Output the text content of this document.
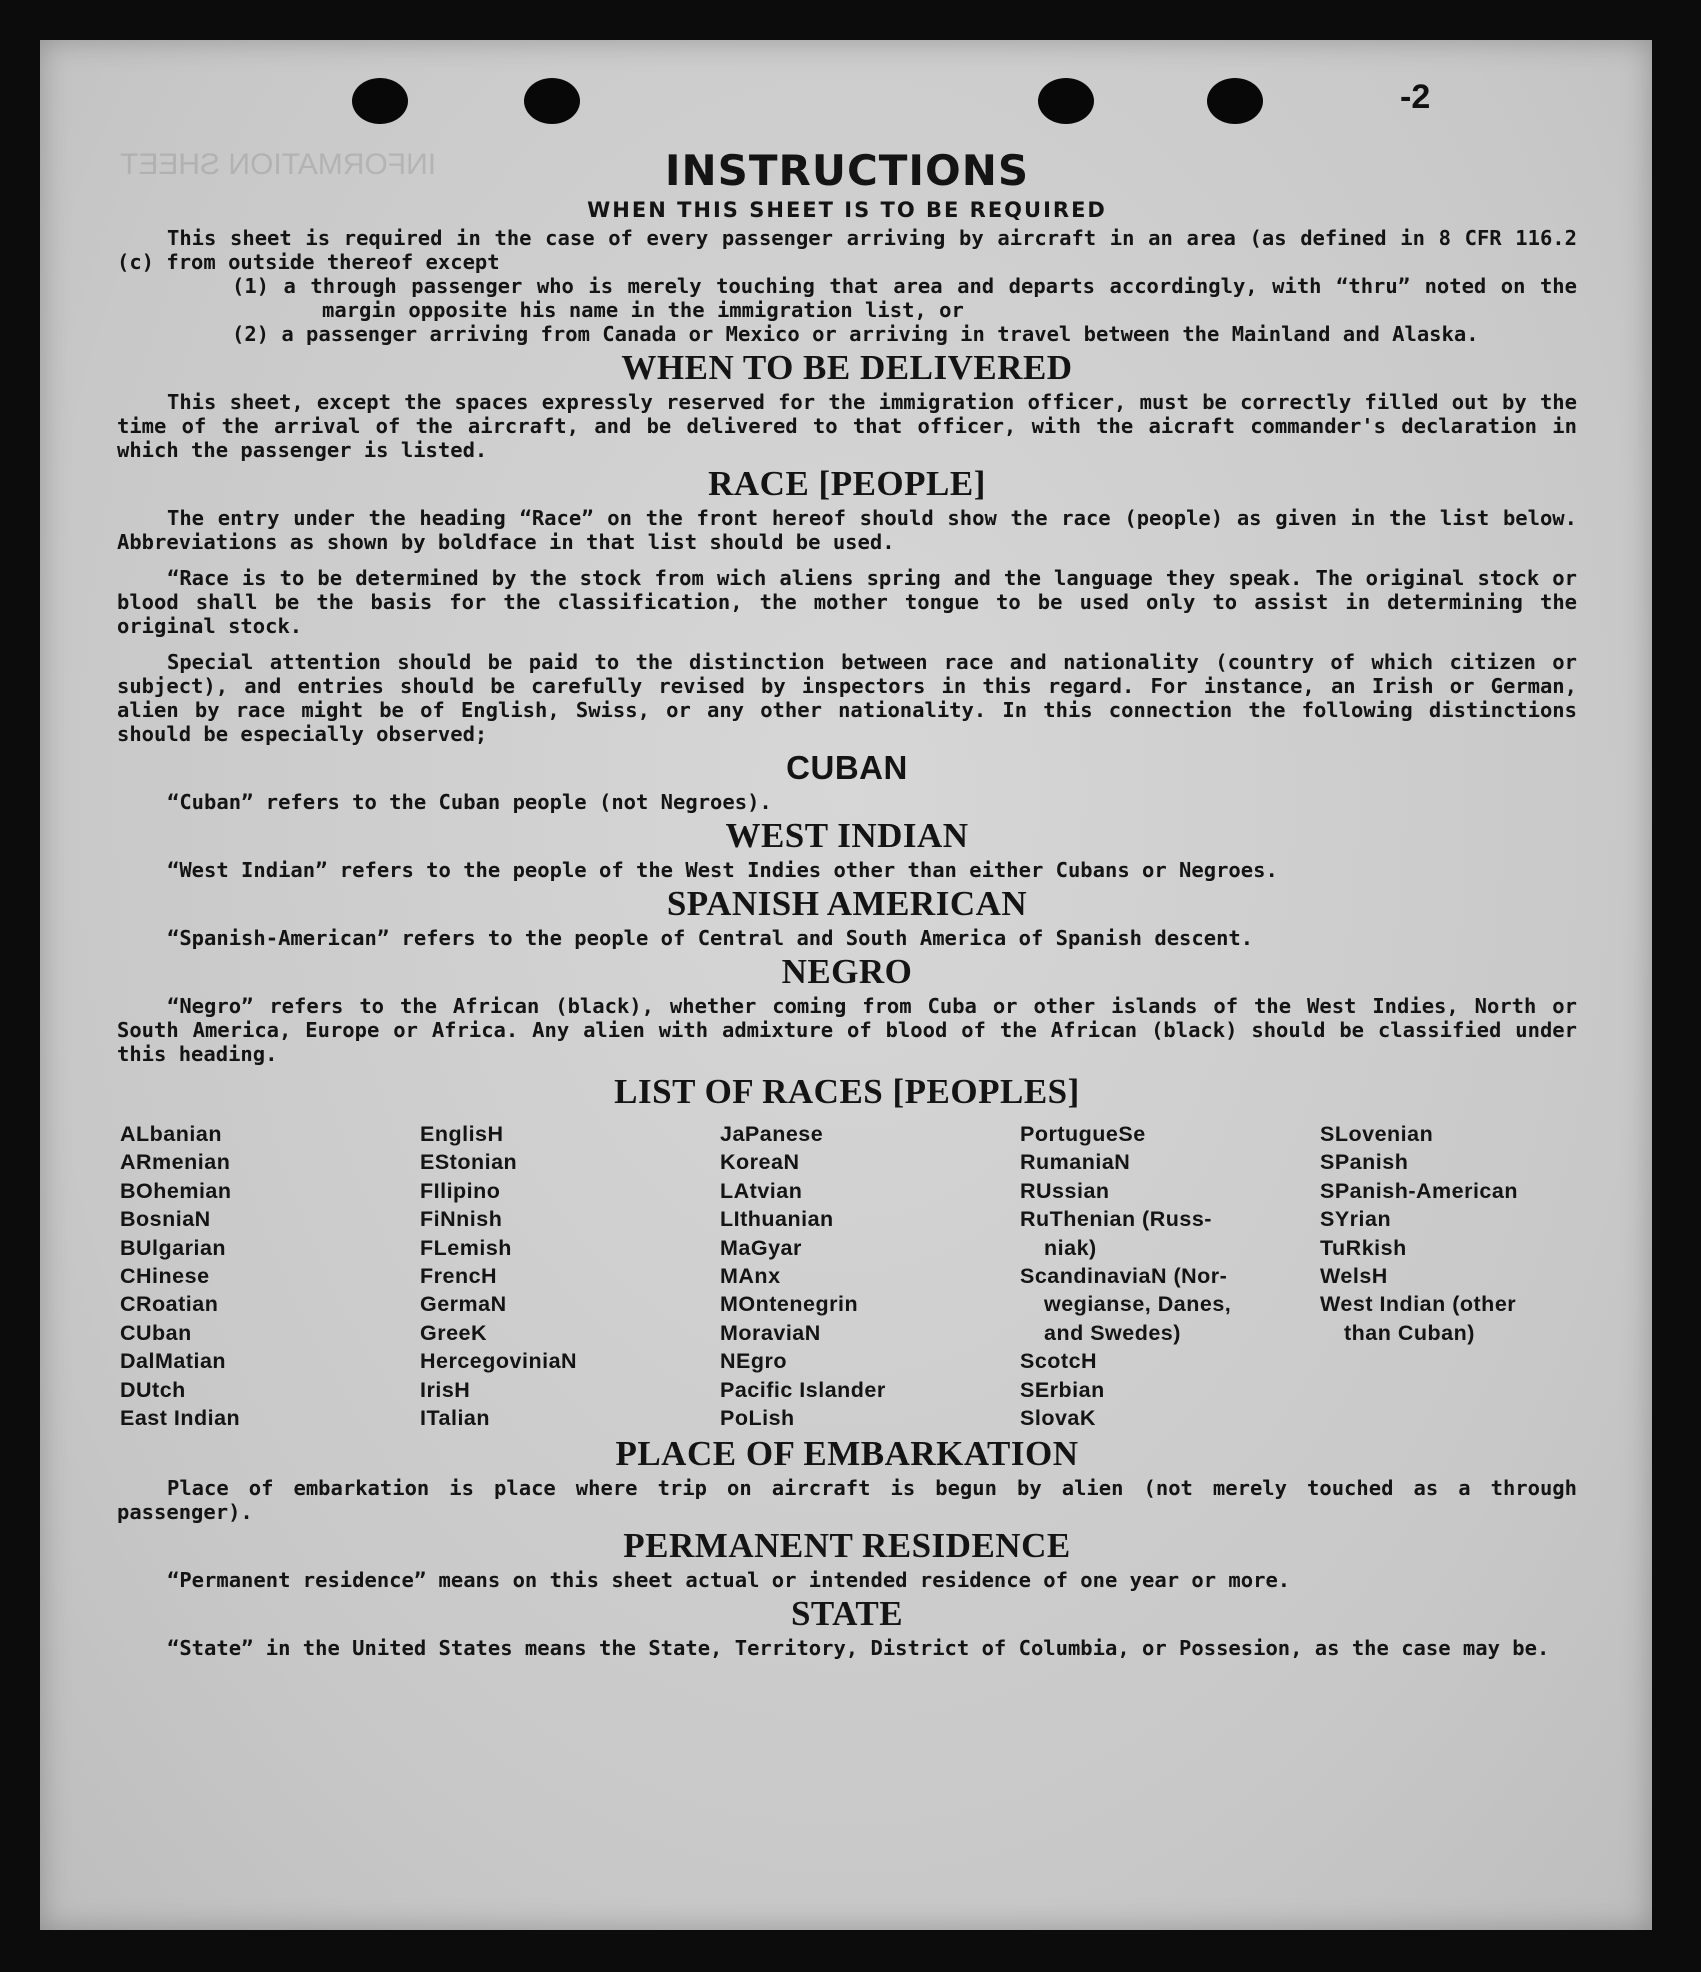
-2
INFORMATION SHEET	INSTRUCTIONS
WHEN THIS SHEET IS TO BE REQUIRED

This sheet is required in the case of every passenger arriving by aircraft in an area (as defined in 8 CFR 116.2 (c) from outside thereof except

(1) a through passenger who is merely touching that area and departs accordingly, with “thru” noted on the margin opposite his name in the immigration list, or

(2) a passenger arriving from Canada or Mexico or arriving in travel between the Mainland and Alaska.

WHEN TO BE DELIVERED

This sheet, except the spaces expressly reserved for the immigration officer, must be correctly filled out by the time of the arrival of the aircraft, and be delivered to that officer, with the aicraft commander's declaration in which the passenger is listed.

RACE [PEOPLE]

The entry under the heading “Race” on the front hereof should show the race (people) as given in the list below. Abbreviations as shown by boldface in that list should be used.

“Race is to be determined by the stock from wich aliens spring and the language they speak. The original stock or blood shall be the basis for the classification, the mother tongue to be used only to assist in determining the original stock.

Special attention should be paid to the distinction between race and nationality (country of which citizen or subject), and entries should be carefully revised by inspectors in this regard. For instance, an Irish or German, alien by race might be of English, Swiss, or any other nationality. In this connection the following distinctions should be especially observed;

CUBAN

“Cuban” refers to the Cuban people (not Negroes).

WEST INDIAN

“West Indian” refers to the people of the West Indies other than either Cubans or Negroes.

SPANISH AMERICAN

“Spanish-American” refers to the people of Central and South America of Spanish descent.

NEGRO

“Negro” refers to the African (black), whether coming from Cuba or other islands of the West Indies, North or South America, Europe or Africa. Any alien with admixture of blood of the African (black) should be classified under this heading.

LIST OF RACES [PEOPLES]
ALbanian
ARmenian
BOhemian
BosniaN
BUlgarian
CHinese
CRoatian
CUban
DalMatian
DUtch
East Indian
EnglisH
EStonian
FIlipino
FiNnish
FLemish
FrencH
GermaN
GreeK
HercegoviniaN
IrisH
ITalian
JaPanese
KoreaN
LAtvian
LIthuanian
MaGyar
MAnx
MOntenegrin
MoraviaN
NEgro
Pacific Islander
PoLish
PortugueSe
RumaniaN
RUssian
RuThenian (Russ-
niak)
ScandinaviaN (Nor-
wegianse, Danes,
and Swedes)
ScotcH
SErbian
SlovaK
SLovenian
SPanish
SPanish-American
SYrian
TuRkish
WelsH
West Indian (other
than Cuban)
PLACE OF EMBARKATION

Place of embarkation is place where trip on aircraft is begun by alien (not merely touched as a through passenger).

PERMANENT RESIDENCE

“Permanent residence” means on this sheet actual or intended residence of one year or more.

STATE

“State” in the United States means the State, Territory, District of Columbia, or Possesion, as the case may be.
